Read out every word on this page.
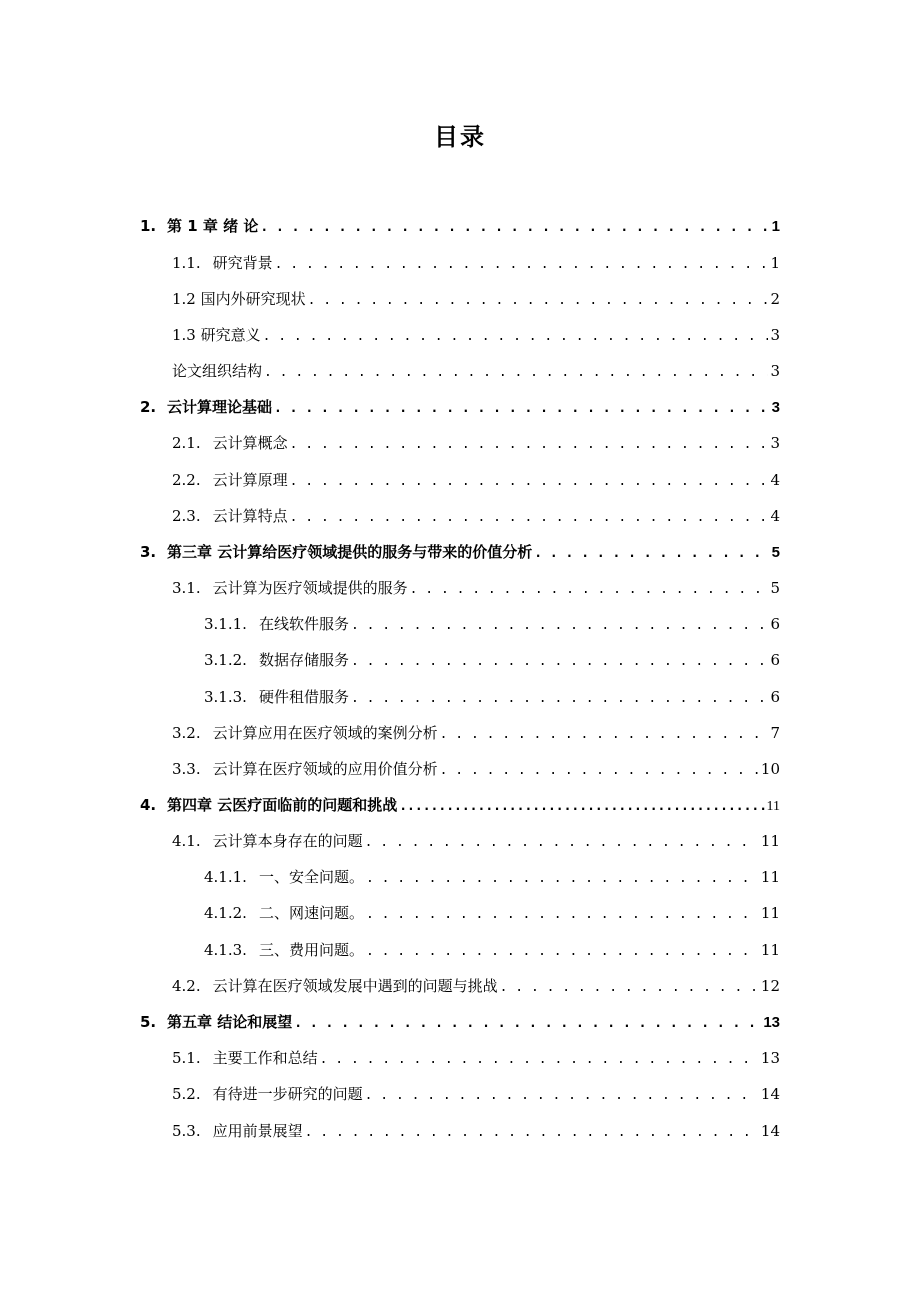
目录
1. 第 1 章 绪 论 . . .	1
1.1. 研究背景 . . .	1
1.2 国内外研究现状 . . .	2
1.3 研究意义 . . .	3
论文组织结构 . . .	3
2. 云计算理论基础 . . .	3
2.1. 云计算概念 . . .	3
2.2. 云计算原理 . . .	4
2.3. 云计算特点 . . .	4
3. 第三章 云计算给医疗领域提供的服务与带来的价值分析 . . .	5
3.1. 云计算为医疗领域提供的服务 . . .	5
3.1.1. 在线软件服务 . . .	6
3.1.2. 数据存储服务 . . .	6
3.1.3. 硬件租借服务 . . .	6
3.2. 云计算应用在医疗领域的案例分析 . . .	7
3.3. 云计算在医疗领域的应用价值分析 . . .	10
4. 第四章 云医疗面临前的问题和挑战 .....	11
4.1. 云计算本身存在的问题 . . .	11
4.1.1. 一、安全问题。 . . .	11
4.1.2. 二、网速问题。 . . .	11
4.1.3. 三、费用问题。 . . .	11
4.2. 云计算在医疗领域发展中遇到的问题与挑战 . . .	12
5. 第五章 结论和展望 . . .	13
5.1. 主要工作和总结 . . .	13
5.2. 有待进一步研究的问题 . . .	14
5.3. 应用前景展望 . . .	14
